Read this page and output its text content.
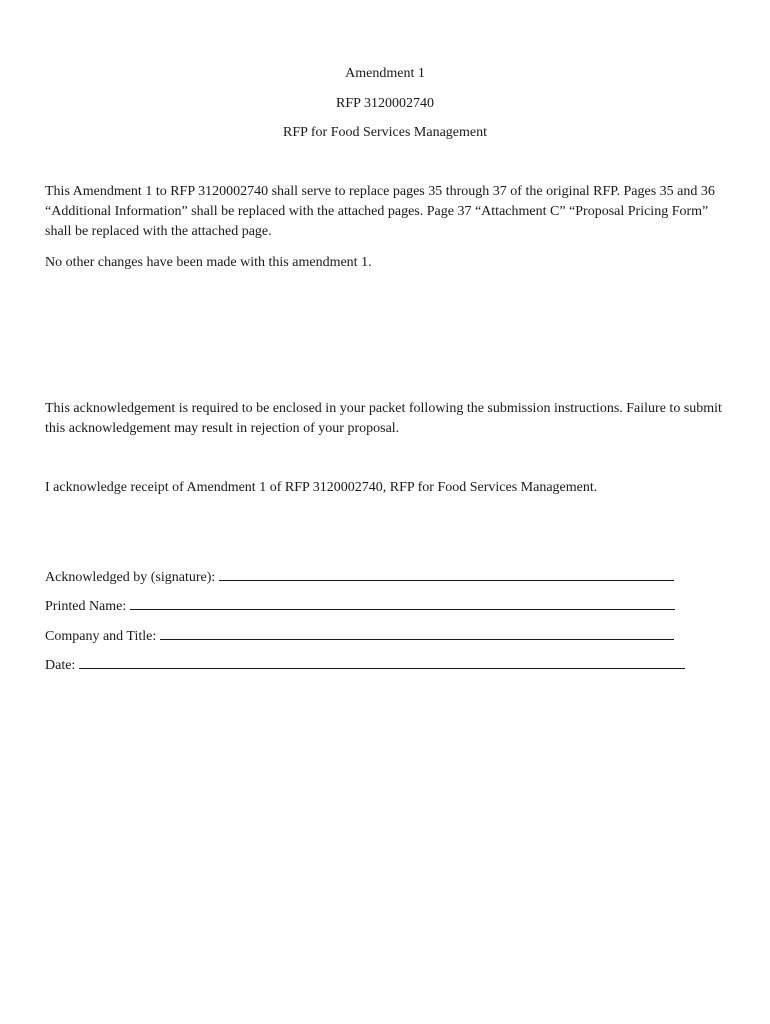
Amendment 1
RFP 3120002740
RFP for Food Services Management
This Amendment 1 to RFP 3120002740 shall serve to replace pages 35 through 37 of the original RFP. Pages 35 and 36 “Additional Information” shall be replaced with the attached pages. Page 37 “Attachment C” “Proposal Pricing Form” shall be replaced with the attached page.
No other changes have been made with this amendment 1.
This acknowledgement is required to be enclosed in your packet following the submission instructions. Failure to submit this acknowledgement may result in rejection of your proposal.
I acknowledge receipt of Amendment 1 of RFP 3120002740, RFP for Food Services Management.
Acknowledged by (signature):
Printed Name:
Company and Title:
Date:
